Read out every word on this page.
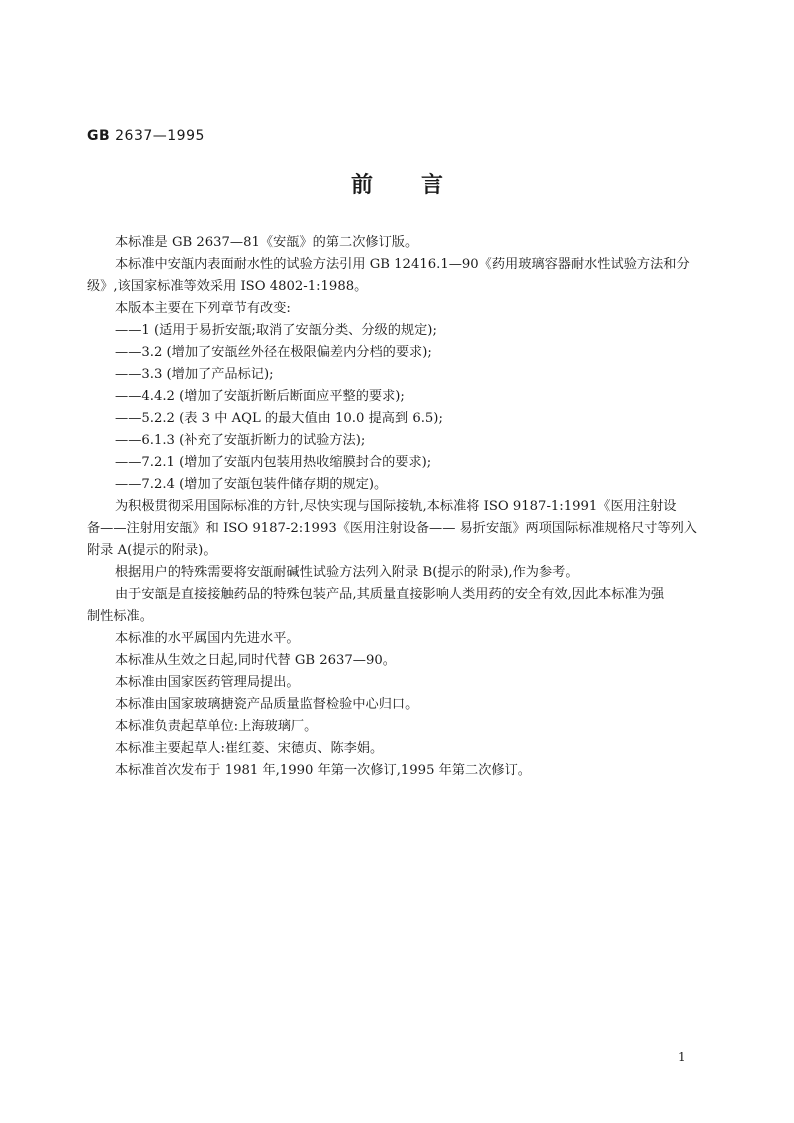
GB 2637—1995
前言
本标准是 GB 2637—81《安瓿》的第二次修订版。
本标准中安瓿内表面耐水性的试验方法引用 GB 12416.1—90《药用玻璃容器耐水性试验方法和分
级》,该国家标准等效采用 ISO 4802-1:1988。
本版本主要在下列章节有改变:
——1 (适用于易折安瓿;取消了安瓿分类、分级的规定);
——3.2 (增加了安瓿丝外径在极限偏差内分档的要求);
——3.3 (增加了产品标记);
——4.4.2 (增加了安瓿折断后断面应平整的要求);
——5.2.2 (表 3 中 AQL 的最大值由 10.0 提高到 6.5);
——6.1.3 (补充了安瓿折断力的试验方法);
——7.2.1 (增加了安瓿内包装用热收缩膜封合的要求);
——7.2.4 (增加了安瓿包装件储存期的规定)。
为积极贯彻采用国际标准的方针,尽快实现与国际接轨,本标准将 ISO 9187-1:1991《医用注射设
备——注射用安瓿》和 ISO 9187-2:1993《医用注射设备—— 易折安瓿》两项国际标准规格尺寸等列入
附录 A(提示的附录)。
根据用户的特殊需要将安瓿耐碱性试验方法列入附录 B(提示的附录),作为参考。
由于安瓿是直接接触药品的特殊包装产品,其质量直接影响人类用药的安全有效,因此本标准为强
制性标准。
本标准的水平属国内先进水平。
本标准从生效之日起,同时代替 GB 2637—90。
本标准由国家医药管理局提出。
本标准由国家玻璃搪瓷产品质量监督检验中心归口。
本标准负责起草单位:上海玻璃厂。
本标准主要起草人:崔红菱、宋德贞、陈李娟。
本标准首次发布于 1981 年,1990 年第一次修订,1995 年第二次修订。
1
